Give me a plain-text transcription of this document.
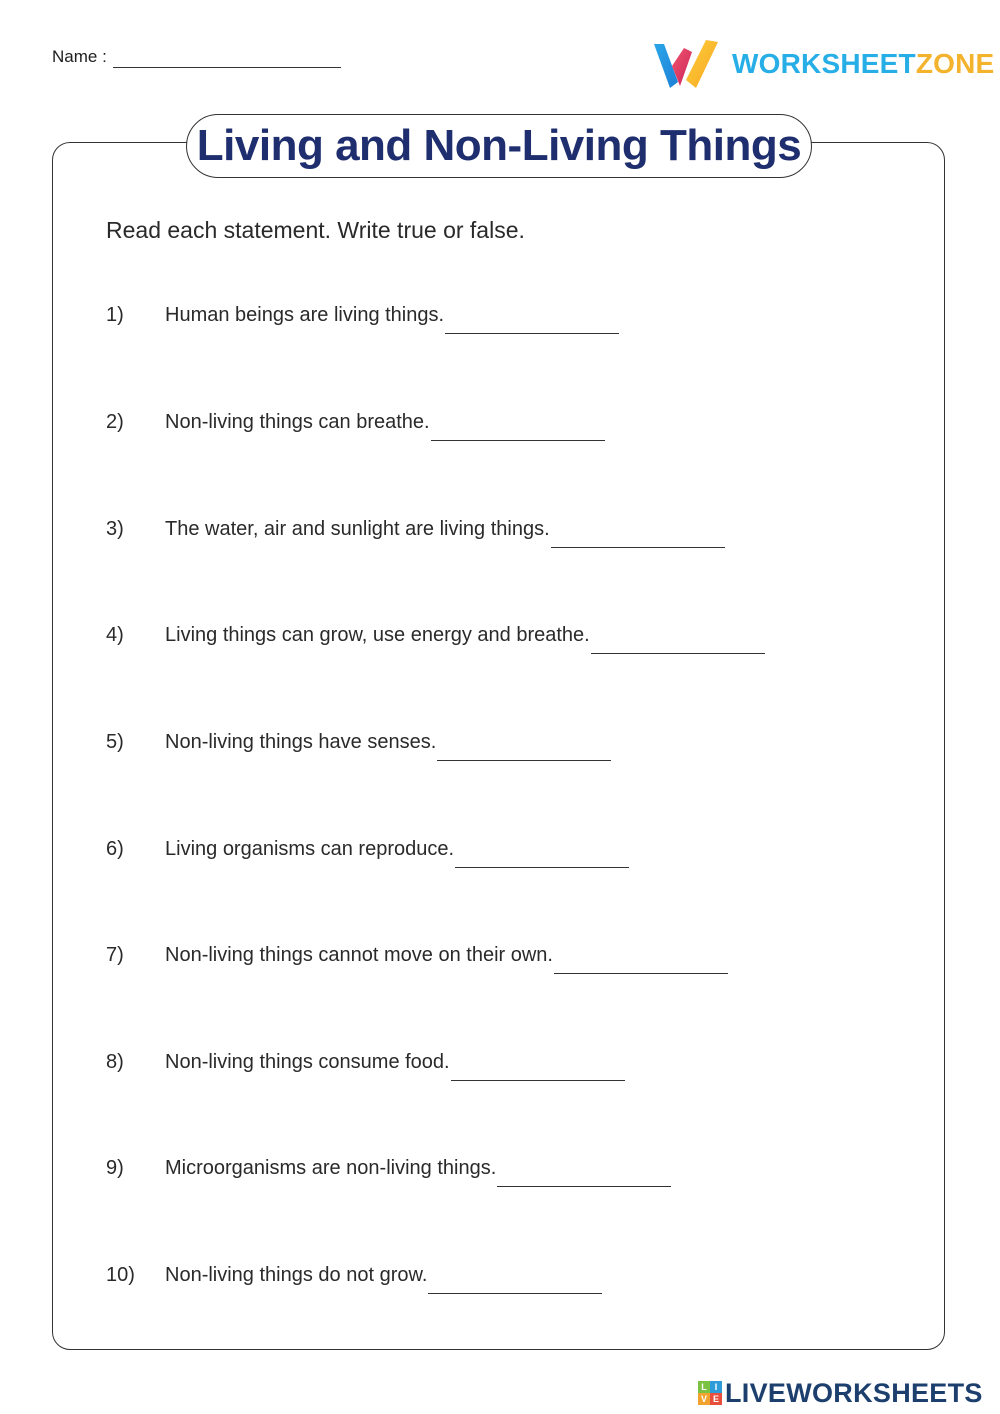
Name :	WORKSHEETZONE
Living and Non-Living Things
Read each statement. Write true or false.
1)	Human beings are living things.
2)	Non-living things can breathe.
3)	The water, air and sunlight are living things.
4)	Living things can grow, use energy and breathe.
5)	Non-living things have senses.
6)	Living organisms can reproduce.
7)	Non-living things cannot move on their own.
8)	Non-living things consume food.
9)	Microorganisms are non-living things.
10)	Non-living things do not grow.
L I
V E LIVEWORKSHEETS
